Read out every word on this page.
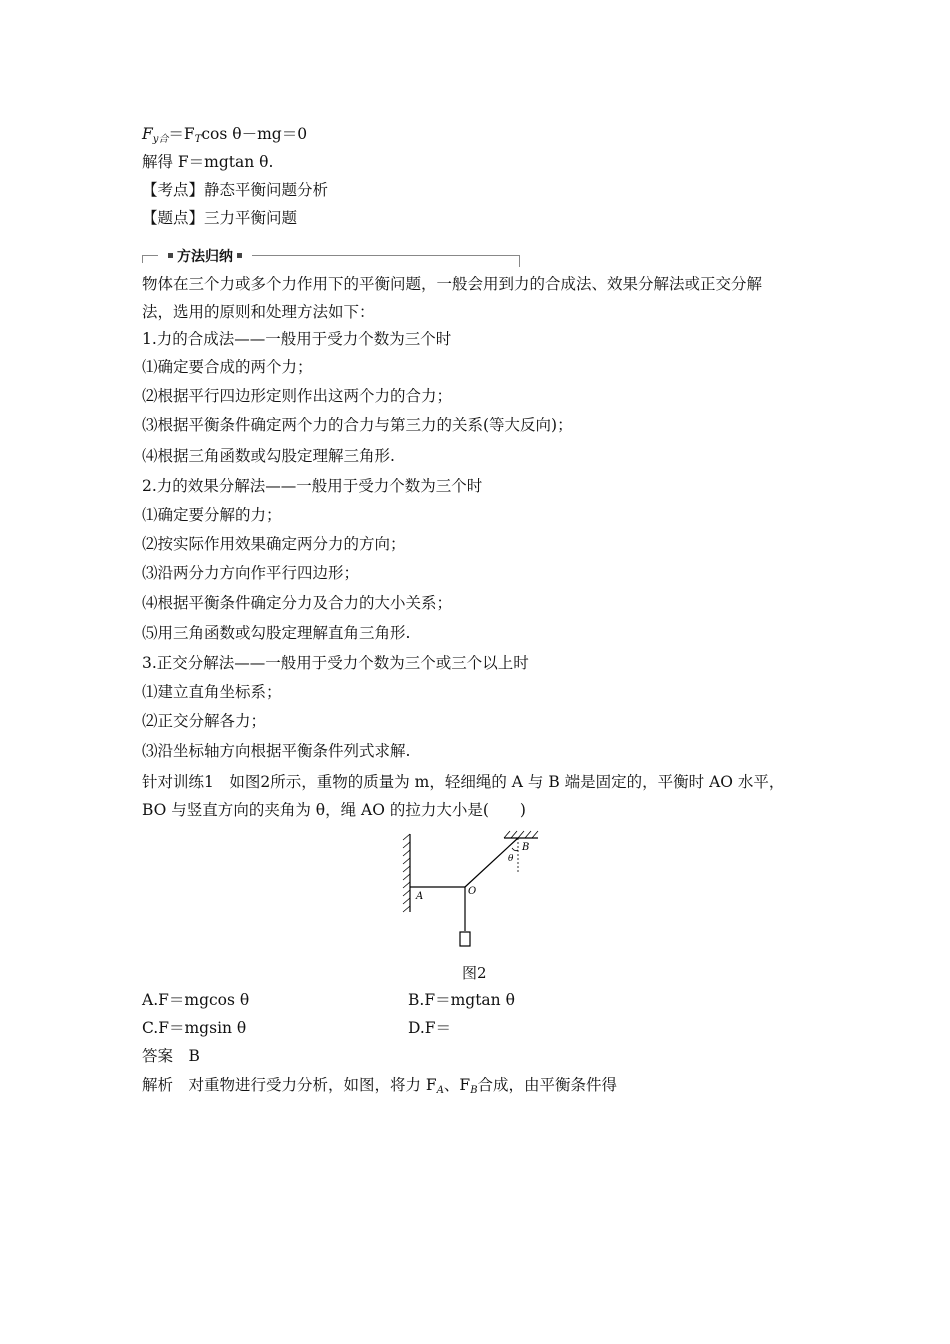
$F_{y合}=F_T\cos$ θ－mg＝0
解得 F＝mgtan θ.
【考点】静态平衡问题分析
【题点】三力平衡问题
方法归纳
物体在三个力或多个力作用下的平衡问题，一般会用到力的合成法、效果分解法或正交分解
法，选用的原则和处理方法如下：
1.力的合成法——一般用于受力个数为三个时
⑴确定要合成的两个力；
⑵根据平行四边形定则作出这两个力的合力；
⑶根据平衡条件确定两个力的合力与第三力的关系(等大反向)；
⑷根据三角函数或勾股定理解三角形.
2.力的效果分解法——一般用于受力个数为三个时
⑴确定要分解的力；
⑵按实际作用效果确定两分力的方向；
⑶沿两分力方向作平行四边形；
⑷根据平衡条件确定分力及合力的大小关系；
⑸用三角函数或勾股定理解直角三角形.
3.正交分解法——一般用于受力个数为三个或三个以上时
⑴建立直角坐标系；
⑵正交分解各力；
⑶沿坐标轴方向根据平衡条件列式求解.
针对训练1　如图2所示，重物的质量为 m，轻细绳的 A 与 B 端是固定的，平衡时 AO 水平，
BO 与竖直方向的夹角为 θ，绳 AO 的拉力大小是(　　)
A	O
B
θ
图2
A.F＝mgcos θ	B.F＝mgtan θ
C.F＝mgsin θ	D.F＝
答案　B
解析　对重物进行受力分析，如图，将力 $F_A$、$F_B$合成，由平衡条件得
